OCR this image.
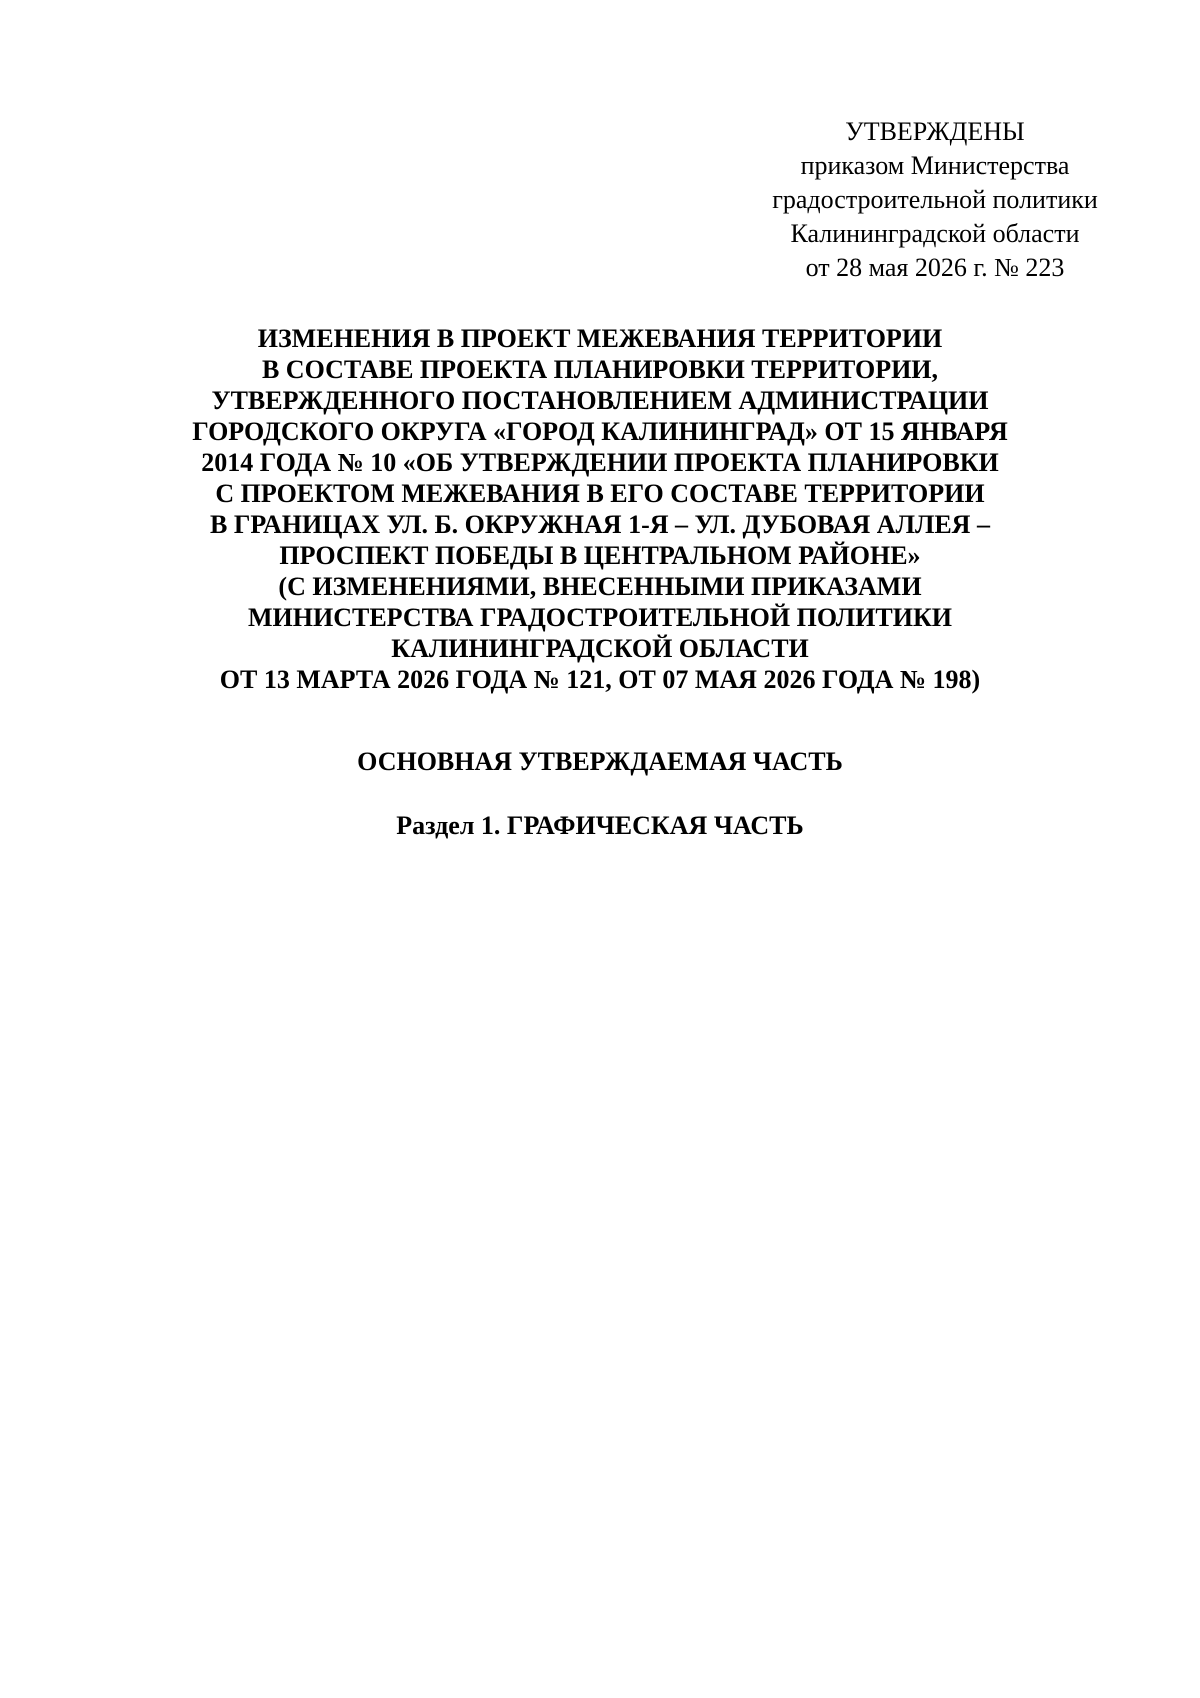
УТВЕРЖДЕНЫ
приказом Министерства
градостроительной политики
Калининградской области
от 28 мая 2026 г. № 223
ИЗМЕНЕНИЯ В ПРОЕКТ МЕЖЕВАНИЯ ТЕРРИТОРИИ
В СОСТАВЕ ПРОЕКТА ПЛАНИРОВКИ ТЕРРИТОРИИ,
УТВЕРЖДЕННОГО ПОСТАНОВЛЕНИЕМ АДМИНИСТРАЦИИ
ГОРОДСКОГО ОКРУГА «ГОРОД КАЛИНИНГРАД» ОТ 15 ЯНВАРЯ
2014 ГОДА № 10 «ОБ УТВЕРЖДЕНИИ ПРОЕКТА ПЛАНИРОВКИ
С ПРОЕКТОМ МЕЖЕВАНИЯ В ЕГО СОСТАВЕ ТЕРРИТОРИИ
В ГРАНИЦАХ УЛ. Б. ОКРУЖНАЯ 1-Я – УЛ. ДУБОВАЯ АЛЛЕЯ –
ПРОСПЕКТ ПОБЕДЫ В ЦЕНТРАЛЬНОМ РАЙОНЕ»
(С ИЗМЕНЕНИЯМИ, ВНЕСЕННЫМИ ПРИКАЗАМИ
МИНИСТЕРСТВА ГРАДОСТРОИТЕЛЬНОЙ ПОЛИТИКИ
КАЛИНИНГРАДСКОЙ ОБЛАСТИ
ОТ 13 МАРТА 2026 ГОДА № 121, ОТ 07 МАЯ 2026 ГОДА № 198)
ОСНОВНАЯ УТВЕРЖДАЕМАЯ ЧАСТЬ
Раздел 1. ГРАФИЧЕСКАЯ ЧАСТЬ
